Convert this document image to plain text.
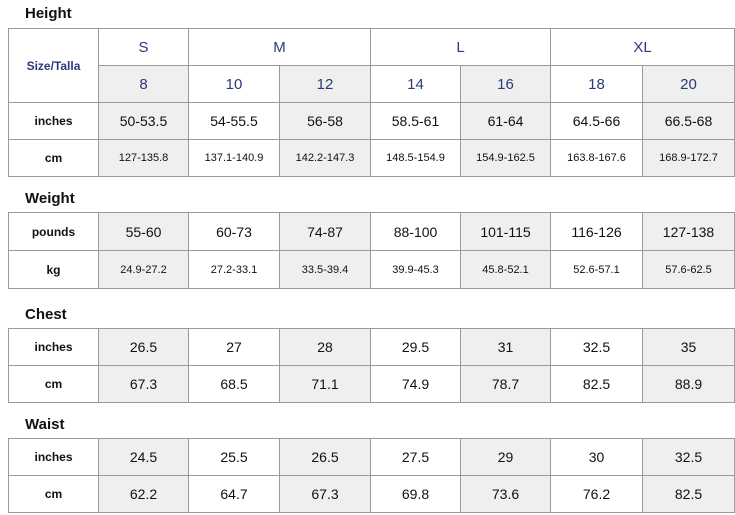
Height
Size/Talla	S	M		L		XL	
	8	10	12	14	16	18	20
inches	50-53.5	54-55.5	56-58	58.5-61	61-64	64.5-66	66.5-68
cm	127-135.8	137.1-140.9	142.2-147.3	148.5-154.9	154.9-162.5	163.8-167.6	168.9-172.7
Weight
pounds	55-60	60-73	74-87	88-100	101-115	116-126	127-138
kg	24.9-27.2	27.2-33.1	33.5-39.4	39.9-45.3	45.8-52.1	52.6-57.1	57.6-62.5
Chest
inches	26.5	27	28	29.5	31	32.5	35
cm	67.3	68.5	71.1	74.9	78.7	82.5	88.9
Waist
inches	24.5	25.5	26.5	27.5	29	30	32.5
cm	62.2	64.7	67.3	69.8	73.6	76.2	82.5
